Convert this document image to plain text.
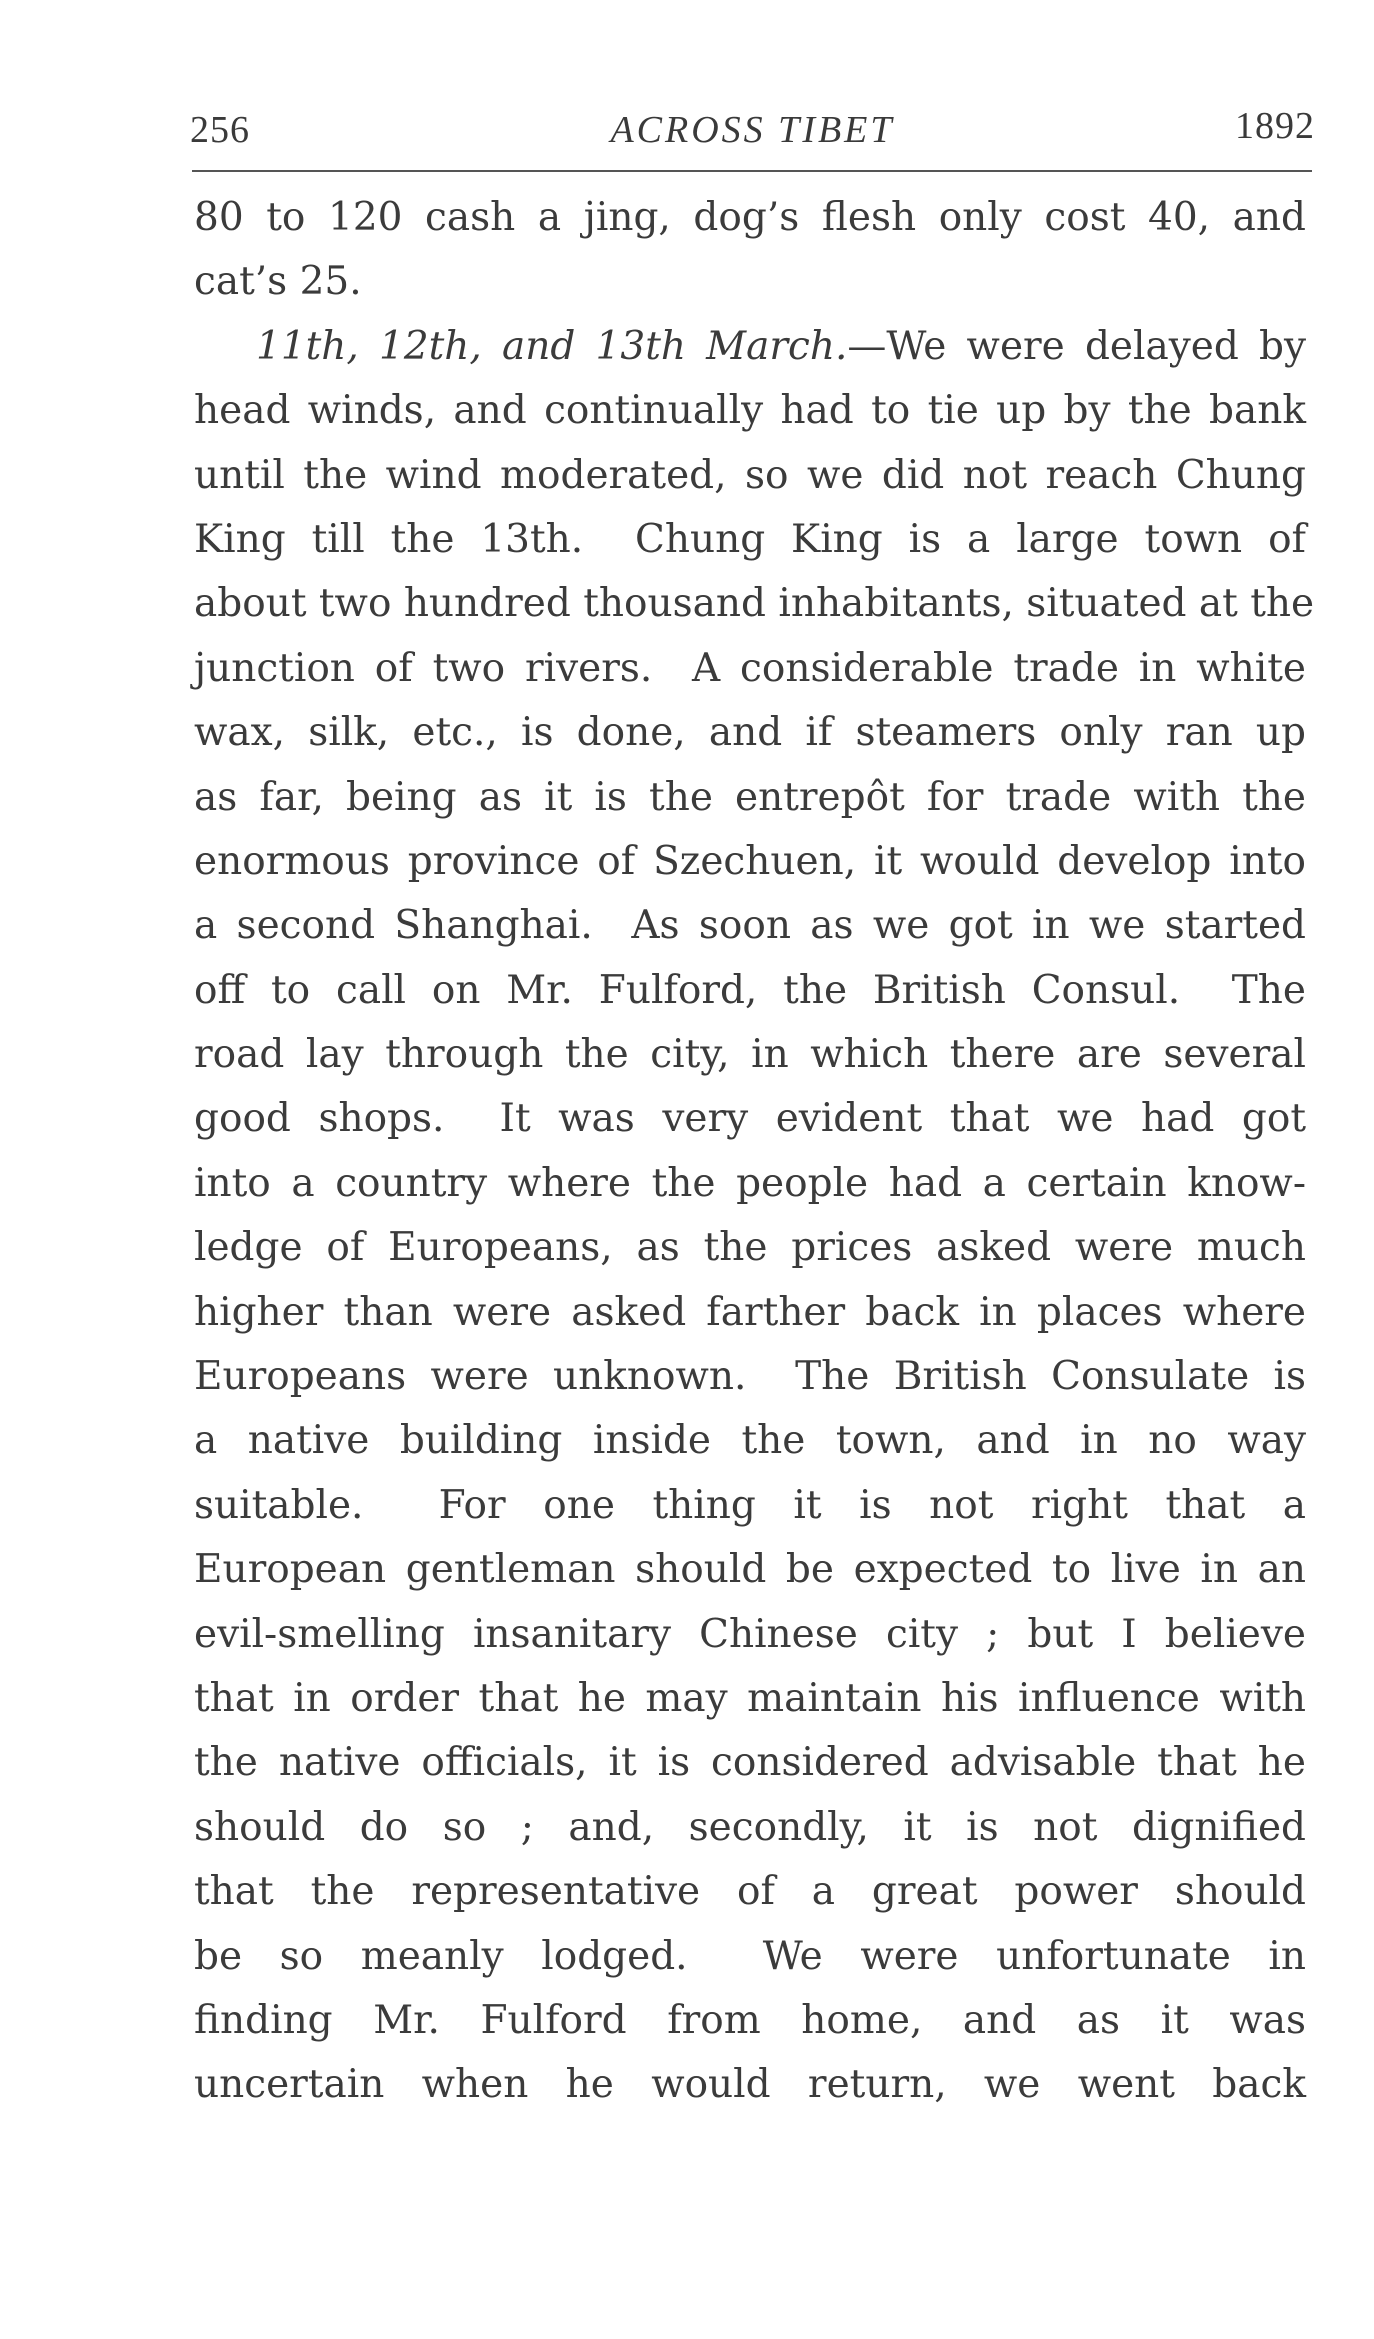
256	ACROSS TIBET	1892
80 to 120 cash a jing, dog’s flesh only cost 40, and
cat’s 25.
11th, 12th, and 13th March.—We were delayed by
head winds, and continually had to tie up by the bank
until the wind moderated, so we did not reach Chung
King till the 13th.  Chung King is a large town of
about two hundred thousand inhabitants, situated at the
junction of two rivers.  A considerable trade in white
wax, silk, etc., is done, and if steamers only ran up
as far, being as it is the entrepôt for trade with the
enormous province of Szechuen, it would develop into
a second Shanghai.  As soon as we got in we started
off to call on Mr. Fulford, the British Consul.  The
road lay through the city, in which there are several
good shops.  It was very evident that we had got
into a country where the people had a certain know-
ledge of Europeans, as the prices asked were much
higher than were asked farther back in places where
Europeans were unknown.  The British Consulate is
a native building inside the town, and in no way
suitable.  For one thing it is not right that a
European gentleman should be expected to live in an
evil-smelling insanitary Chinese city ; but I believe
that in order that he may maintain his influence with
the native officials, it is considered advisable that he
should do so ; and, secondly, it is not dignified
that the representative of a great power should
be so meanly lodged.  We were unfortunate in
finding Mr. Fulford from home, and as it was
uncertain when he would return, we went back
